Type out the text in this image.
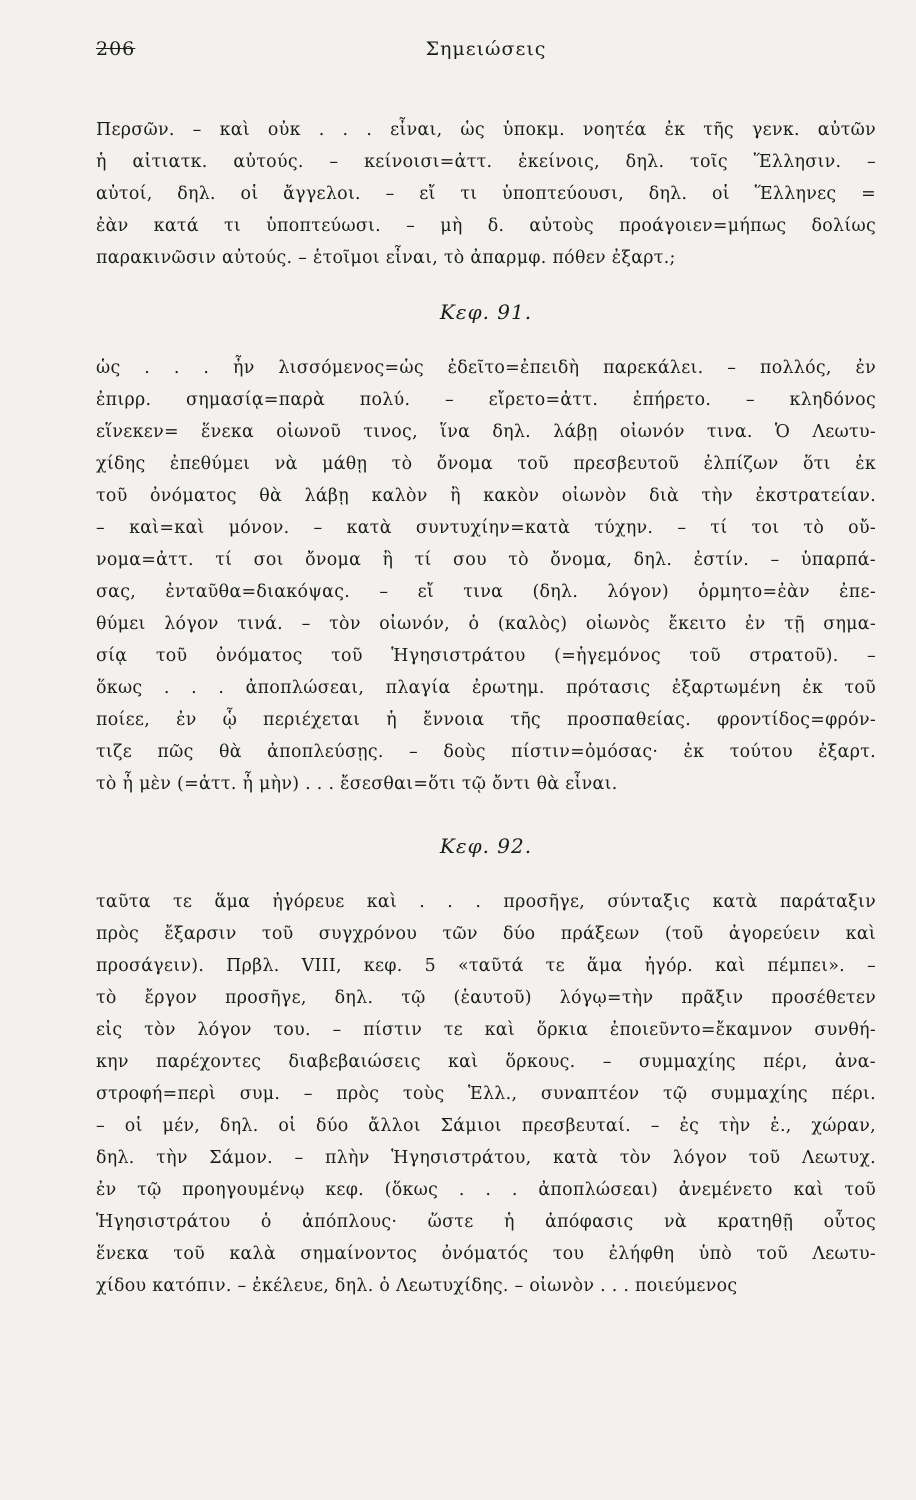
206	Σημειώσεις

Περσῶν. – καὶ οὐκ . . . εἶναι, ὡς ὑποκμ. νοητέα ἐκ τῆς γενκ. αὐτῶν

ἡ αἰτιατκ. αὐτούς. – κείνοισι=ἀττ. ἐκείνοις, δηλ. τοῖς Ἕλλησιν. –

αὐτοί, δηλ. οἱ ἄγγελοι. – εἴ τι ὑποπτεύουσι, δηλ. οἱ Ἕλληνες =

ἐὰν κατά τι ὑποπτεύωσι. – μὴ δ. αὐτοὺς προάγοιεν=μήπως δολίως

παρακινῶσιν αὐτούς. – ἑτοῖμοι εἶναι, τὸ ἀπαρμφ. πόθεν ἐξαρτ.;

Κεφ. 91.

ὡς . . . ἦν λισσόμενος=ὡς ἐδεῖτο=ἐπειδὴ παρεκάλει. – πολλός, ἐν

ἐπιρρ. σημασίᾳ=παρὰ πολύ. – εἴρετο=ἀττ. ἐπήρετο. – κληδόνος

εἵνεκεν= ἕνεκα οἰωνοῦ τινος, ἵνα δηλ. λάβῃ οἰωνόν τινα. Ὁ Λεωτυ-

χίδης ἐπεθύμει νὰ μάθῃ τὸ ὄνομα τοῦ πρεσβευτοῦ ἐλπίζων ὅτι ἐκ

τοῦ ὀνόματος θὰ λάβῃ καλὸν ἢ κακὸν οἰωνὸν διὰ τὴν ἐκστρατείαν.

– καὶ=καὶ μόνον. – κατὰ συντυχίην=κατὰ τύχην. – τί τοι τὸ οὔ-

νομα=ἀττ. τί σοι ὄνομα ἢ τί σου τὸ ὄνομα, δηλ. ἐστίν. – ὑπαρπά-

σας, ἐνταῦθα=διακόψας. – εἴ τινα (δηλ. λόγον) ὁρμητο=ἐὰν ἐπε-

θύμει λόγον τινά. – τὸν οἰωνόν, ὁ (καλὸς) οἰωνὸς ἔκειτο ἐν τῇ σημα-

σίᾳ τοῦ ὀνόματος τοῦ Ἡγησιστράτου (=ἡγεμόνος τοῦ στρατοῦ). –

ὅκως . . . ἀποπλώσεαι, πλαγία ἐρωτημ. πρότασις ἐξαρτωμένη ἐκ τοῦ

ποίεε, ἐν ᾧ περιέχεται ἡ ἔννοια τῆς προσπαθείας. φροντίδος=φρόν-

τιζε πῶς θὰ ἀποπλεύσῃς. – δοὺς πίστιν=ὀμόσας· ἐκ τούτου ἐξαρτ.

τὸ ἦ μὲν (=ἀττ. ἦ μὴν) . . . ἔσεσθαι=ὅτι τῷ ὄντι θὰ εἶναι.

Κεφ. 92.

ταῦτα τε ἅμα ἠγόρευε καὶ . . . προσῆγε, σύνταξις κατὰ παράταξιν

πρὸς ἔξαρσιν τοῦ συγχρόνου τῶν δύο πράξεων (τοῦ ἀγορεύειν καὶ

προσάγειν). Πρβλ. VIII, κεφ. 5 «ταῦτά τε ἅμα ἠγόρ. καὶ πέμπει». –

τὸ ἔργον προσῆγε, δηλ. τῷ (ἑαυτοῦ) λόγῳ=τὴν πρᾶξιν προσέθετεν

εἰς τὸν λόγον του. – πίστιν τε καὶ ὅρκια ἐποιεῦντο=ἔκαμνον συνθή-

κην παρέχοντες διαβεβαιώσεις καὶ ὅρκους. – συμμαχίης πέρι, ἀνα-

στροφή=περὶ συμ. – πρὸς τοὺς Ἑλλ., συναπτέον τῷ συμμαχίης πέρι.

– οἱ μέν, δηλ. οἱ δύο ἄλλοι Σάμιοι πρεσβευταί. – ἐς τὴν ἑ., χώραν,

δηλ. τὴν Σάμον. – πλὴν Ἡγησιστράτου, κατὰ τὸν λόγον τοῦ Λεωτυχ.

ἐν τῷ προηγουμένῳ κεφ. (ὅκως . . . ἀποπλώσεαι) ἀνεμένετο καὶ τοῦ

Ἡγησιστράτου ὁ ἀπόπλους· ὥστε ἡ ἀπόφασις νὰ κρατηθῇ οὗτος

ἕνεκα τοῦ καλὰ σημαίνοντος ὀνόματός του ἐλήφθη ὑπὸ τοῦ Λεωτυ-

χίδου κατόπιν. – ἐκέλευε, δηλ. ὁ Λεωτυχίδης. – οἰωνὸν . . . ποιεύμενος
